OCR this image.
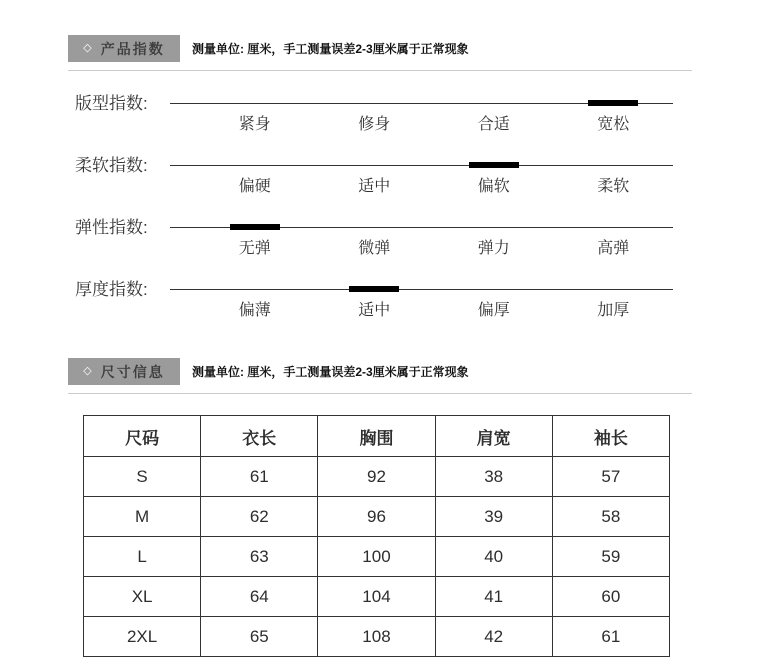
◇ 产品指数 测量单位: 厘米，手工测量误差2-3厘米属于正常现象
版型指数:
紧身	修身	合适	宽松
柔软指数:
偏硬	适中	偏软	柔软
弹性指数:
无弹	微弹	弹力	高弹
厚度指数:
偏薄	适中	偏厚	加厚
◇ 尺寸信息 测量单位: 厘米，手工测量误差2-3厘米属于正常现象
尺码	衣长	胸围	肩宽	袖长
S	61	92	38	57
M	62	96	39	58
L	63	100	40	59
XL	64	104	41	60
2XL	65	108	42	61
